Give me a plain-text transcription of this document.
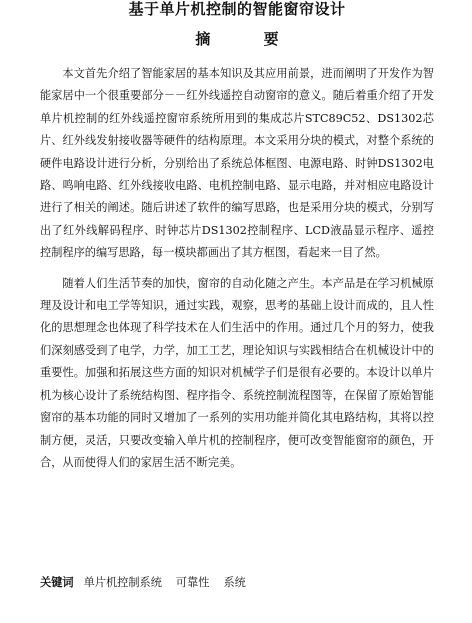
基于单片机控制的智能窗帘设计
摘 要

本文首先介绍了智能家居的基本知识及其应用前景，进而阐明了开发作为智能家居中一个很重要部分－－红外线遥控自动窗帘的意义。随后着重介绍了开发单片机控制的红外线遥控窗帘系统所用到的集成芯片STC89C52、DS1302芯片、红外线发射接收器等硬件的结构原理。本文采用分块的模式，对整个系统的硬件电路设计进行分析，分别给出了系统总体框图、电源电路、时钟DS1302电路、鸣响电路、红外线接收电路、电机控制电路、显示电路，并对相应电路设计进行了相关的阐述。随后讲述了软件的编写思路，也是采用分块的模式，分别写出了红外线解码程序、时钟芯片DS1302控制程序、LCD液晶显示程序、遥控控制程序的编写思路，每一模块都画出了其方框图，看起来一目了然。

随着人们生活节奏的加快，窗帘的自动化随之产生。本产品是在学习机械原理及设计和电工学等知识，通过实践，观察，思考的基础上设计而成的，且人性化的思想理念也体现了科学技术在人们生活中的作用。通过几个月的努力，使我们深刻感受到了电学，力学，加工工艺，理论知识与实践相结合在机械设计中的重要性。加强和拓展这些方面的知识对机械学子们是很有必要的。本设计以单片机为核心设计了系统结构图、程序指令、系统控制流程图等，在保留了原始智能窗帘的基本功能的同时又增加了一系列的实用功能并简化其电路结构，其将以控制方便，灵活，只要改变输入单片机的控制程序，便可改变智能窗帘的颜色，开合，从而使得人们的家居生活不断完美。

关键词 单片机控制系统 可靠性 系统
